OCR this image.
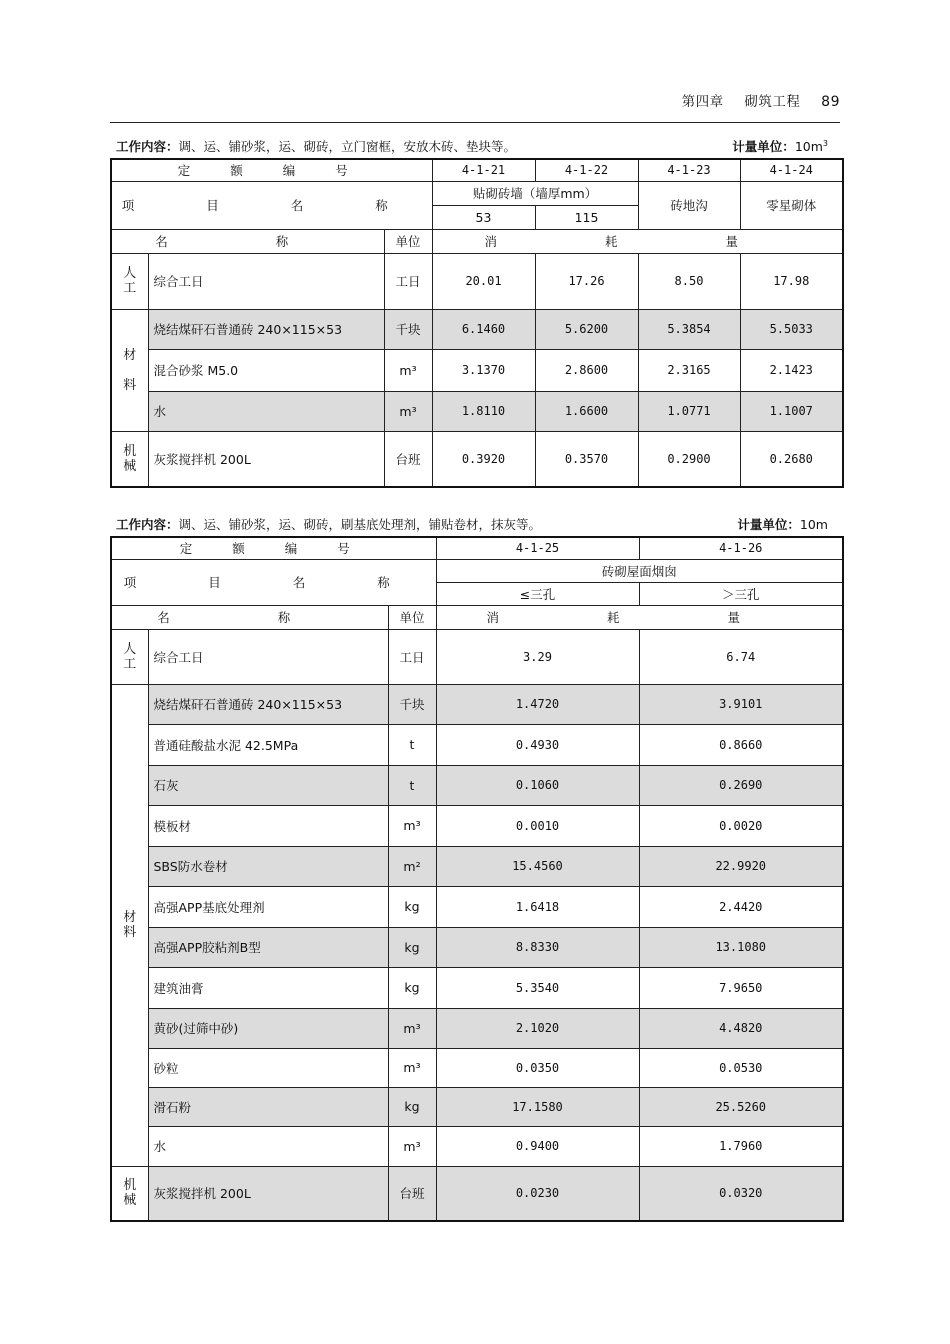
第四章 砌筑工程 89
工作内容：调、运、铺砂浆，运、砌砖，立门窗框，安放木砖、垫块等。	计量单位：$10m^3$
定 额 编 号			4-1-21	4-1-22	4-1-23	4-1-24
项 目 名 称			贴砌砖墙（墙厚mm）		砖地沟	零星砌体
			53	115		
名 称		单位	消 耗 量			
人
工	综合工日	工日	20.01	17.26	8.50	17.98
材

料	烧结煤矸石普通砖 240×115×53	千块	6.1460	5.6200	5.3854	5.5033
	混合砂浆 M5.0	m³	3.1370	2.8600	2.3165	2.1423
	水	m³	1.8110	1.6600	1.0771	1.1007
机
械	灰浆搅拌机 200L	台班	0.3920	0.3570	0.2900	0.2680
工作内容：调、运、铺砂浆，运、砌砖，刷基底处理剂，铺贴卷材，抹灰等。	计量单位：10m
定 额 编 号			4-1-25	4-1-26
项 目 名 称			砖砌屋面烟囱	
			≤三孔	＞三孔
名 称		单位	消 耗 量	
人
工	综合工日	工日	3.29	6.74

材
料	烧结煤矸石普通砖 240×115×53	千块	1.4720	3.9101
	普通硅酸盐水泥 42.5MPa	t	0.4930	0.8660
	石灰	t	0.1060	0.2690
	模板材	m³	0.0010	0.0020
	SBS防水卷材	m²	15.4560	22.9920
	高强APP基底处理剂	kg	1.6418	2.4420
	高强APP胶粘剂B型	kg	8.8330	13.1080
	建筑油膏	kg	5.3540	7.9650
	黄砂(过筛中砂)	m³	2.1020	4.4820
	砂粒	m³	0.0350	0.0530
	滑石粉	kg	17.1580	25.5260
	水	m³	0.9400	1.7960
机
械	灰浆搅拌机 200L	台班	0.0230	0.0320
